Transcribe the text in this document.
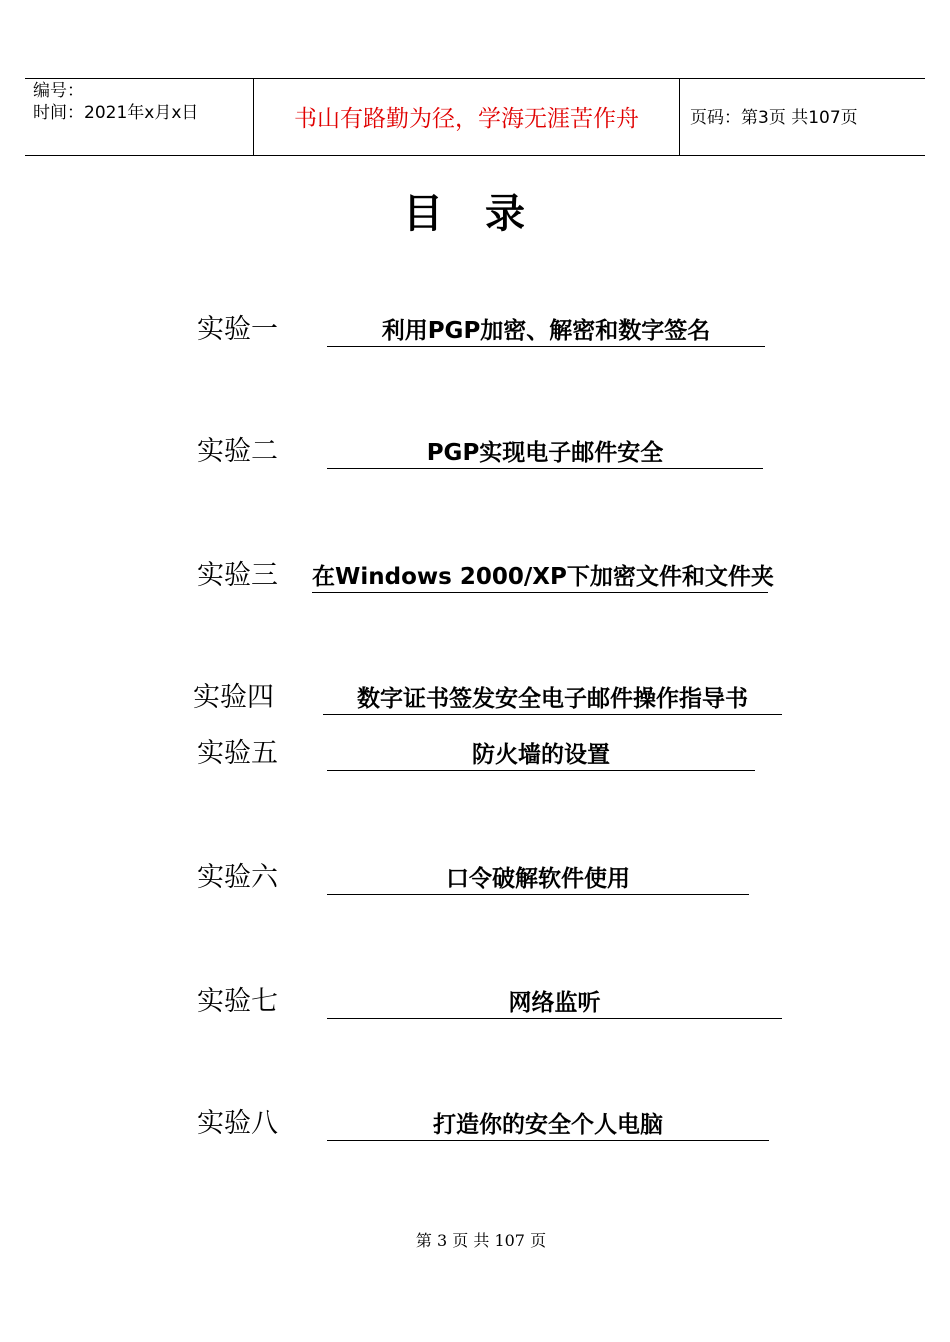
编号：
时间：2021年x月x日	书山有路勤为径，学海无涯苦作舟	页码：第3页 共107页
目录
实验一	利用PGP加密、解密和数字签名
实验二	PGP实现电子邮件安全
实验三 在Windows 2000/XP下加密文件和文件夹
实验四	数字证书签发安全电子邮件操作指导书
实验五	防火墙的设置
实验六	口令破解软件使用
实验七	网络监听
实验八	打造你的安全个人电脑
第 3 页 共 107 页
